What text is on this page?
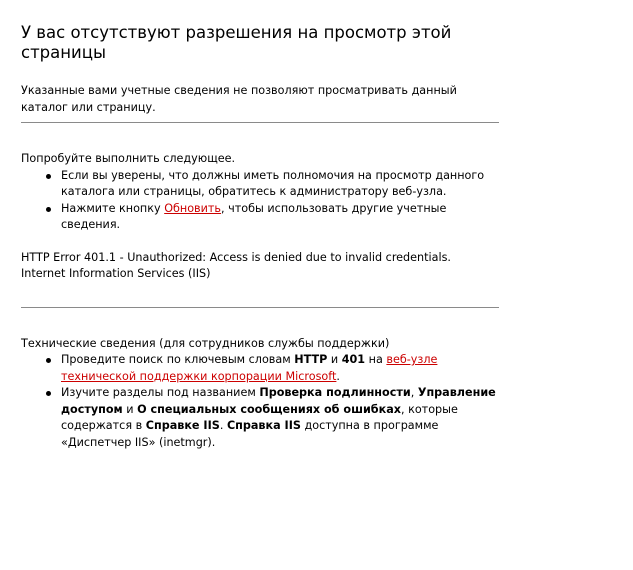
У вас отсутствуют разрешения на просмотр этой страницы
Указанные вами учетные сведения не позволяют просматривать данный каталог или страницу.
Попробуйте выполнить следующее.
Если вы уверены, что должны иметь полномочия на просмотр данного каталога или страницы, обратитесь к администратору веб-узла.
Нажмите кнопку Обновить, чтобы использовать другие учетные сведения.
HTTP Error 401.1 - Unauthorized: Access is denied due to invalid credentials.
Internet Information Services (IIS)
Технические сведения (для сотрудников службы поддержки)
Проведите поиск по ключевым словам HTTP и 401 на веб-узле технической поддержки корпорации Microsoft.
Изучите разделы под названием Проверка подлинности, Управление доступом и О специальных сообщениях об ошибках, которые содержатся в Справке IIS. Справка IIS доступна в программе «Диспетчер IIS» (inetmgr).
